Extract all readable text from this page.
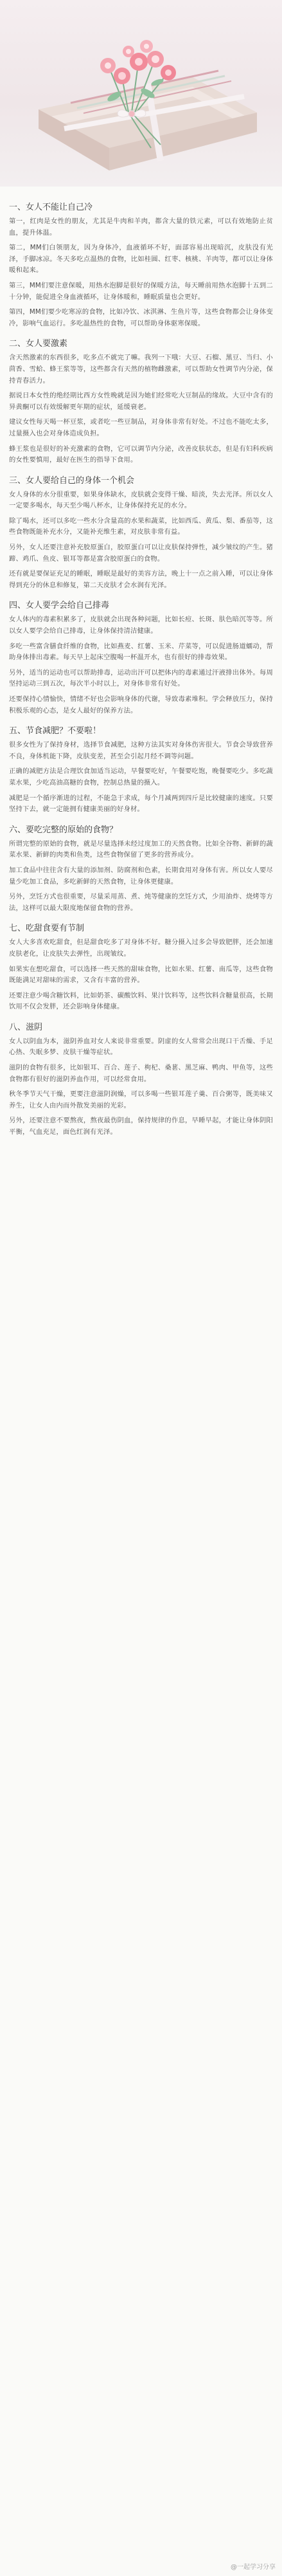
一、女人不能让自己冷

第一，红肉是女性的朋友，尤其是牛肉和羊肉，都含大量的铁元素，可以有效地防止贫血，提升体温。

第二，MM们白领朋友，因为身体冷，血液循环不好，面部容易出现暗沉，皮肤没有光泽，手脚冰凉。冬天多吃点温热的食物，比如桂圆、红枣、核桃、羊肉等，都可以让身体暖和起来。

第三，MM们要注意保暖，用热水泡脚是很好的保暖方法，每天睡前用热水泡脚十五到二十分钟，能促进全身血液循环，让身体暖和，睡眠质量也会更好。

第四，MM们要少吃寒凉的食物，比如冷饮、冰淇淋、生鱼片等，这些食物都会让身体变冷，影响气血运行。多吃温热性的食物，可以帮助身体驱寒保暖。

二、女人要激素

含天然激素的东西很多，吃多点不就完了嘛。我列一下哦：大豆、石榴、黑豆、当归、小茴香、雪蛤、蜂王浆等等，这些都含有天然的植物雌激素，可以帮助女性调节内分泌，保持青春活力。

据说日本女性的绝经期比西方女性晚就是因为她们经常吃大豆制品的缘故。大豆中含有的异黄酮可以有效缓解更年期的症状，延缓衰老。

建议女性每天喝一杯豆浆，或者吃一些豆制品，对身体非常有好处。不过也不能吃太多，过量摄入也会对身体造成负担。

蜂王浆也是很好的补充激素的食物，它可以调节内分泌，改善皮肤状态，但是有妇科疾病的女性要慎用，最好在医生的指导下食用。

三、女人要给自己的身体一个机会

女人身体的水分很重要，如果身体缺水，皮肤就会变得干燥、暗淡，失去光泽。所以女人一定要多喝水，每天至少喝八杯水，让身体保持充足的水分。

除了喝水，还可以多吃一些水分含量高的水果和蔬菜，比如西瓜、黄瓜、梨、番茄等，这些食物既能补充水分，又能补充维生素，对皮肤非常有益。

另外，女人还要注意补充胶原蛋白，胶原蛋白可以让皮肤保持弹性，减少皱纹的产生。猪蹄、鸡爪、鱼皮、银耳等都是富含胶原蛋白的食物。

还有就是要保证充足的睡眠，睡眠是最好的美容方法，晚上十一点之前入睡，可以让身体得到充分的休息和修复，第二天皮肤才会水润有光泽。

四、女人要学会给自己排毒

女人体内的毒素积累多了，皮肤就会出现各种问题，比如长痘、长斑、肤色暗沉等等。所以女人要学会给自己排毒，让身体保持清洁健康。

多吃一些富含膳食纤维的食物，比如燕麦、红薯、玉米、芹菜等，可以促进肠道蠕动，帮助身体排出毒素。每天早上起床空腹喝一杯温开水，也有很好的排毒效果。

另外，适当的运动也可以帮助排毒，运动出汗可以把体内的毒素通过汗液排出体外。每周坚持运动三到五次，每次半小时以上，对身体非常有好处。

还要保持心情愉快，情绪不好也会影响身体的代谢，导致毒素堆积。学会释放压力，保持积极乐观的心态，是女人最好的保养方法。

五、节食减肥？不要啦！

很多女性为了保持身材，选择节食减肥，这种方法其实对身体伤害很大。节食会导致营养不良，身体机能下降，皮肤变差，甚至会引起月经不调等问题。

正确的减肥方法是合理饮食加适当运动，早餐要吃好，午餐要吃饱，晚餐要吃少。多吃蔬菜水果，少吃高油高糖的食物，控制总热量的摄入。

减肥是一个循序渐进的过程，不能急于求成，每个月减两到四斤是比较健康的速度。只要坚持下去，就一定能拥有健康美丽的好身材。

六、要吃完整的原始的食物？

所谓完整的原始的食物，就是尽量选择未经过度加工的天然食物。比如全谷物、新鲜的蔬菜水果、新鲜的肉类和鱼类，这些食物保留了更多的营养成分。

加工食品中往往含有大量的添加剂、防腐剂和色素，长期食用对身体有害。所以女人要尽量少吃加工食品，多吃新鲜的天然食物，让身体更健康。

另外，烹饪方式也很重要，尽量采用蒸、煮、炖等健康的烹饪方式，少用油炸、烧烤等方法，这样可以最大限度地保留食物的营养。

七、吃甜食要有节制

女人大多喜欢吃甜食，但是甜食吃多了对身体不好。糖分摄入过多会导致肥胖，还会加速皮肤老化，让皮肤失去弹性，出现皱纹。

如果实在想吃甜食，可以选择一些天然的甜味食物，比如水果、红薯、南瓜等，这些食物既能满足对甜味的需求，又含有丰富的营养。

还要注意少喝含糖饮料，比如奶茶、碳酸饮料、果汁饮料等，这些饮料含糖量很高，长期饮用不仅会发胖，还会影响身体健康。

八、滋阴

女人以阴血为本，滋阴养血对女人来说非常重要。阴虚的女人常常会出现口干舌燥、手足心热、失眠多梦、皮肤干燥等症状。

滋阴的食物有很多，比如银耳、百合、莲子、枸杞、桑葚、黑芝麻、鸭肉、甲鱼等，这些食物都有很好的滋阴养血作用，可以经常食用。

秋冬季节天气干燥，更要注意滋阴润燥，可以多喝一些银耳莲子羹、百合粥等，既美味又养生，让女人由内而外散发美丽的光彩。

另外，还要注意不要熬夜，熬夜最伤阴血，保持规律的作息，早睡早起，才能让身体阴阳平衡，气血充足，面色红润有光泽。

@一起学习分享
